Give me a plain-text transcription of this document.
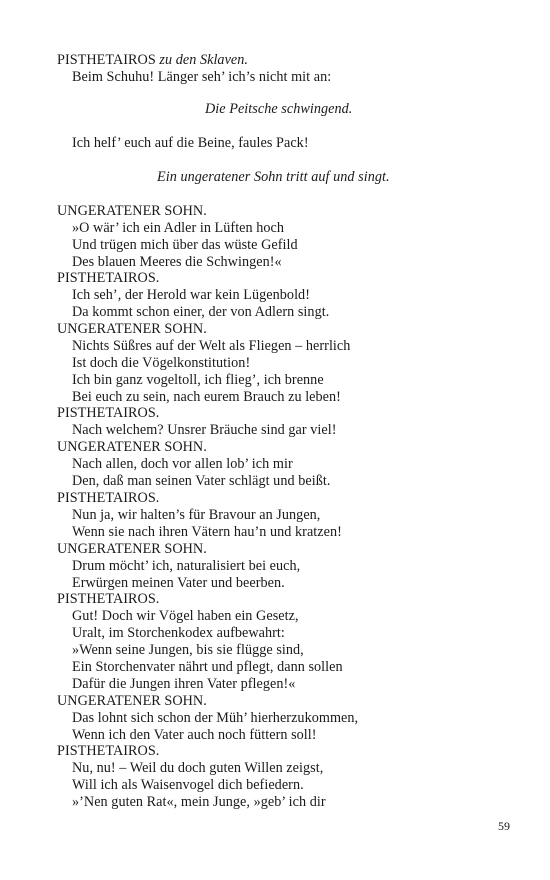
PISTHETAIROS zu den Sklaven.
Beim Schuhu! Länger seh’ ich’s nicht mit an:
Die Peitsche schwingend.
Ich helf’ euch auf die Beine, faules Pack!
Ein ungeratener Sohn tritt auf und singt.
UNGERATENER SOHN.
»O wär’ ich ein Adler in Lüften hoch
Und trügen mich über das wüste Gefild
Des blauen Meeres die Schwingen!«
PISTHETAIROS.
Ich seh’, der Herold war kein Lügenbold!
Da kommt schon einer, der von Adlern singt.
UNGERATENER SOHN.
Nichts Süßres auf der Welt als Fliegen – herrlich
Ist doch die Vögelkonstitution!
Ich bin ganz vogeltoll, ich flieg’, ich brenne
Bei euch zu sein, nach eurem Brauch zu leben!
PISTHETAIROS.
Nach welchem? Unsrer Bräuche sind gar viel!
UNGERATENER SOHN.
Nach allen, doch vor allen lob’ ich mir
Den, daß man seinen Vater schlägt und beißt.
PISTHETAIROS.
Nun ja, wir halten’s für Bravour an Jungen,
Wenn sie nach ihren Vätern hau’n und kratzen!
UNGERATENER SOHN.
Drum möcht’ ich, naturalisiert bei euch,
Erwürgen meinen Vater und beerben.
PISTHETAIROS.
Gut! Doch wir Vögel haben ein Gesetz,
Uralt, im Storchenkodex aufbewahrt:
»Wenn seine Jungen, bis sie flügge sind,
Ein Storchenvater nährt und pflegt, dann sollen
Dafür die Jungen ihren Vater pflegen!«
UNGERATENER SOHN.
Das lohnt sich schon der Müh’ hierherzukommen,
Wenn ich den Vater auch noch füttern soll!
PISTHETAIROS.
Nu, nu! – Weil du doch guten Willen zeigst,
Will ich als Waisenvogel dich befiedern.
»’Nen guten Rat«, mein Junge, »geb’ ich dir
59
